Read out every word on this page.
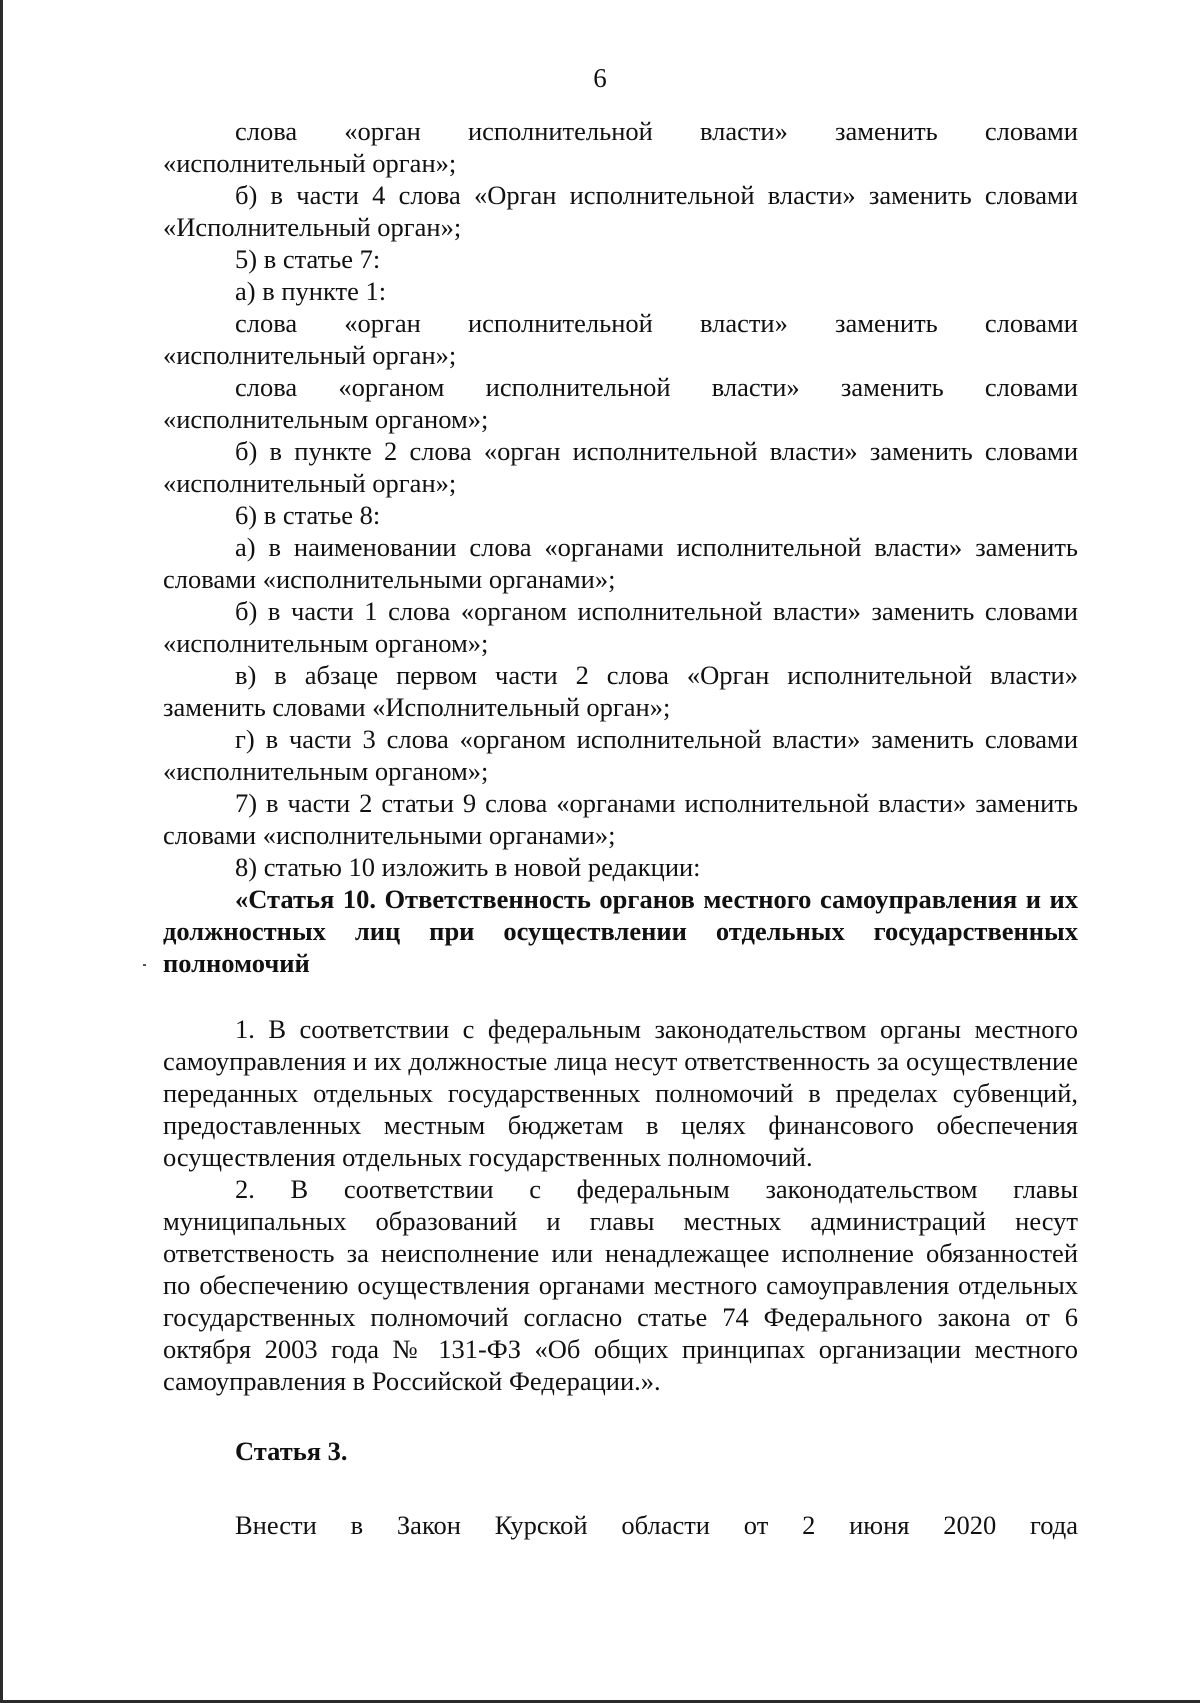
6

слова «орган исполнительной власти» заменить словами «исполнительный орган»;

б) в части 4 слова «Орган исполнительной власти» заменить словами «Исполнительный орган»;

5) в статье 7:

а) в пункте 1:

слова «орган исполнительной власти» заменить словами «исполнительный орган»;

слова «органом исполнительной власти» заменить словами «исполнительным органом»;

б) в пункте 2 слова «орган исполнительной власти» заменить словами «исполнительный орган»;

6) в статье 8:

а) в наименовании слова «органами исполнительной власти» заменить словами «исполнительными органами»;

б) в части 1 слова «органом исполнительной власти» заменить словами «исполнительным органом»;

в) в абзаце первом части 2 слова «Орган исполнительной власти» заменить словами «Исполнительный орган»;

г) в части 3 слова «органом исполнительной власти» заменить словами «исполнительным органом»;

7) в части 2 статьи 9 слова «органами исполнительной власти» заменить словами «исполнительными органами»;

8) статью 10 изложить в новой редакции:

«Статья 10. Ответственность органов местного самоуправления и их должностных лиц при осуществлении отдельных государственных полномочий

1. В соответствии с федеральным законодательством органы местного самоуправления и их должностые лица несут ответственность за осуществление переданных отдельных государственных полномочий в пределах субвенций, предоставленных местным бюджетам в целях финансового обеспечения осуществления отдельных государственных полномочий.

2. В соответствии с федеральным законодательством главы муниципальных образований и главы местных администраций несут ответственость за неисполнение или ненадлежащее исполнение обязанностей по обеспечению осуществления органами местного самоуправления отдельных государственных полномочий согласно статье 74 Федерального закона от 6 октября 2003 года № 131-ФЗ «Об общих принципах организации местного самоуправления в Российской Федерации.».

Статья 3.

Внести в Закон Курской области от 2 июня 2020 года
